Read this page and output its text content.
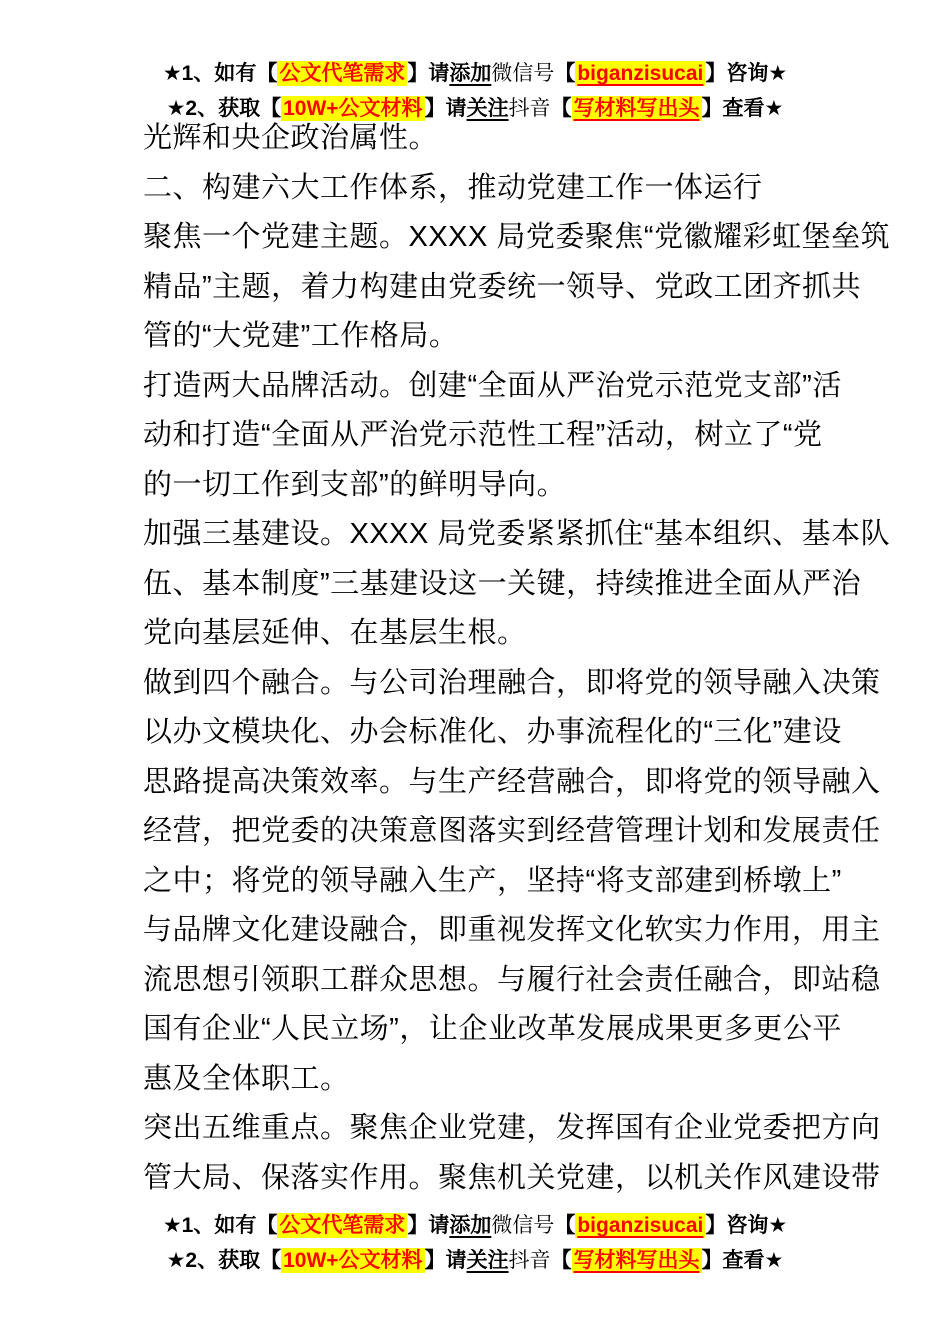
★1、如有【公文代笔需求】请添加微信号【biganzisucai】咨询★
★2、获取【10W+公文材料】请关注抖音【写材料写出头】查看★
光辉和央企政治属性。
二、构建六大工作体系，推动党建工作一体运行
聚焦一个党建主题。XXXX 局党委聚焦“党徽耀彩虹堡垒筑
精品”主题，着力构建由党委统一领导、党政工团齐抓共
管的“大党建”工作格局。
打造两大品牌活动。创建“全面从严治党示范党支部”活
动和打造“全面从严治党示范性工程”活动，树立了“党
的一切工作到支部”的鲜明导向。
加强三基建设。XXXX 局党委紧紧抓住“基本组织、基本队
伍、基本制度”三基建设这一关键，持续推进全面从严治
党向基层延伸、在基层生根。
做到四个融合。与公司治理融合，即将党的领导融入决策
以办文模块化、办会标准化、办事流程化的“三化”建设
思路提高决策效率。与生产经营融合，即将党的领导融入
经营，把党委的决策意图落实到经营管理计划和发展责任
之中；将党的领导融入生产，坚持“将支部建到桥墩上”
与品牌文化建设融合，即重视发挥文化软实力作用，用主
流思想引领职工群众思想。与履行社会责任融合，即站稳
国有企业“人民立场”，让企业改革发展成果更多更公平
惠及全体职工。
突出五维重点。聚焦企业党建，发挥国有企业党委把方向
管大局、保落实作用。聚焦机关党建，以机关作风建设带
★1、如有【公文代笔需求】请添加微信号【biganzisucai】咨询★
★2、获取【10W+公文材料】请关注抖音【写材料写出头】查看★
